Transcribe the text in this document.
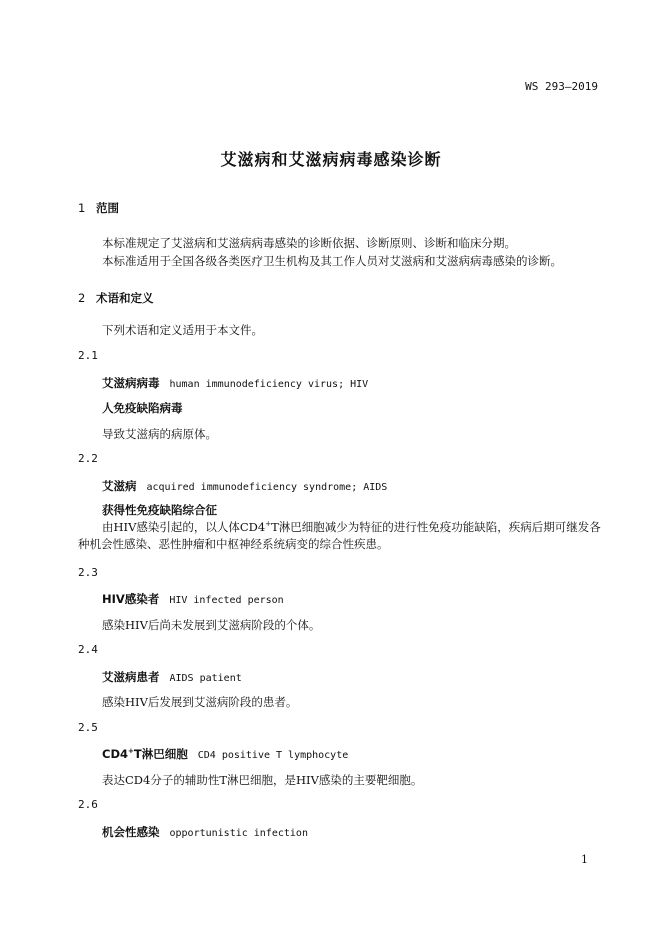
WS 293—2019
艾滋病和艾滋病病毒感染诊断
1 范围
本标准规定了艾滋病和艾滋病病毒感染的诊断依据、诊断原则、诊断和临床分期。
本标准适用于全国各级各类医疗卫生机构及其工作人员对艾滋病和艾滋病病毒感染的诊断。
2 术语和定义
下列术语和定义适用于本文件。
2.1
艾滋病病毒 human immunodeficiency virus; HIV
人免疫缺陷病毒
导致艾滋病的病原体。
2.2
艾滋病 acquired immunodeficiency syndrome; AIDS
获得性免疫缺陷综合征
由HIV感染引起的，以人体CD4+T淋巴细胞减少为特征的进行性免疫功能缺陷，疾病后期可继发各种机会性感染、恶性肿瘤和中枢神经系统病变的综合性疾患。
2.3
HIV感染者 HIV infected person
感染HIV后尚未发展到艾滋病阶段的个体。
2.4
艾滋病患者 AIDS patient
感染HIV后发展到艾滋病阶段的患者。
2.5
CD4+T淋巴细胞 CD4 positive T lymphocyte
表达CD4分子的辅助性T淋巴细胞，是HIV感染的主要靶细胞。
2.6
机会性感染 opportunistic infection
1
